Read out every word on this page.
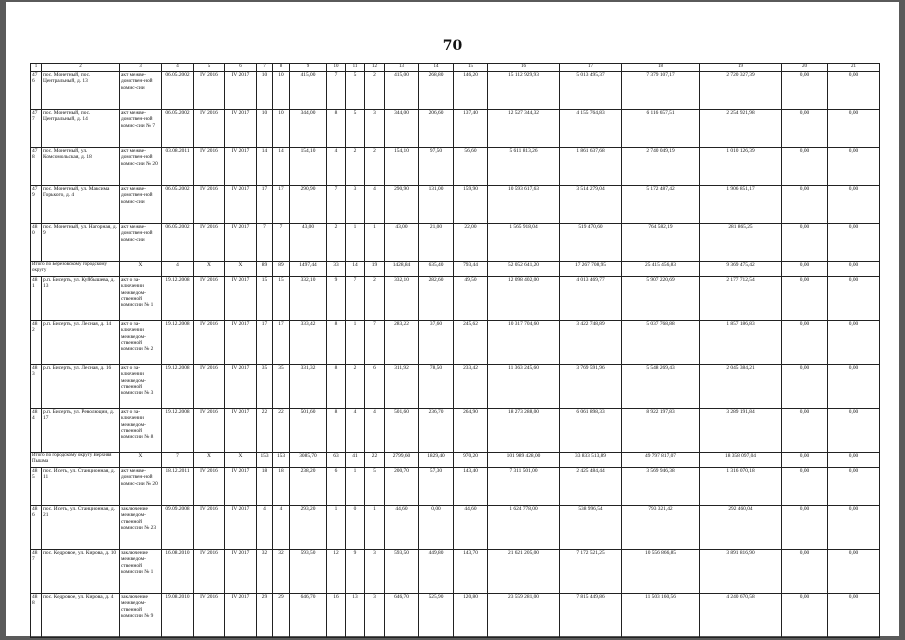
70
1	2	3	4	5	6	7	8	9	10	11	12	13	14	15	16	17	18	19	20	21
476	пос. Монетный, пос. Центральный, д. 13	акт межве-домствен-ной комис-сии	06.05.2002	IV 2016	IV 2017	10	10	415,00	7	5	2	415,00	268,80	146,20	15 112 929,93	5 013 495,37	7 379 107,17	2 720 327,39	0,00	0,00
477	пос. Монетный, пос. Центральный, д. 14	акт межве-домствен-ной комис-сии № 7	06.05.2002	IV 2016	IV 2017	10	10	344,00	8	5	3	344,00	206,60	137,40	12 527 344,32	4 155 764,83	6 116 657,51	2 254 921,98	0,00	0,00
478	пос. Монетный, ул. Комсомольская, д. 18	акт межве-домствен-ной комис-сии № 20	03.08.2011	IV 2016	IV 2017	14	14	154,10	4	2	2	154,10	97,50	56,60	5 611 813,26	1 861 637,68	2 740 049,19	1 010 126,39	0,00	0,00
479	пос. Монетный, ул. Максима Горького, д. 4	акт межве-домствен-ной комис-сии	06.05.2002	IV 2016	IV 2017	17	17	290,90	7	3	4	290,90	131,00	159,90	10 593 617,63	3 514 279,04	5 172 487,42	1 906 851,17	0,00	0,00
480	пос. Монетный, ул. Нагорная, д. 9	акт межве-домствен-ной комис-сии	06.05.2002	IV 2016	IV 2017	7	7	43,00	2	1	1	43,00	21,00	22,00	1 565 918,04	519 470,60	764 582,19	281 865,25	0,00	0,00
Итого по Березовскому городскому округу		X	4	X	X	89	89	1497,44	33	14	19	1428,84	635,40	793,44	52 052 641,20	17 267 708,95	25 415 456,83	9 369 475,42	0,00	0,00
481	р.п. Бисерть, ул. Куйбышева, д. 13	акт о за-ключении межведом-ственной комиссии № 1	19.12.2008	IV 2016	IV 2017	15	15	332,10	9	7	2	332,10	282,60	49,50	12 098 402,00	4 013 469,77	5 907 220,69	2 177 712,54	0,00	0,00
482	р.п. Бисерть, ул. Лесная, д. 14	акт о за-ключении межведом-ственной комиссии № 2	19.12.2008	IV 2016	IV 2017	17	17	333,42	8	1	7	283,22	37,60	245,62	10 317 704,60	3 422 748,89	5 037 768,88	1 857 186,83	0,00	0,00
483	р.п. Бисерть, ул. Лесная, д. 16	акт о за-ключении межведом-ственной комиссии № 3	19.12.2008	IV 2016	IV 2017	35	35	331,32	8	2	6	311,92	78,50	233,42	11 363 245,60	3 769 591,96	5 548 269,43	2 045 384,21	0,00	0,00
484	р.п. Бисерть, ул. Революции, д. 17	акт о за-ключении межведом-ственной комиссии № 8	19.12.2008	IV 2016	IV 2017	22	22	501,60	8	4	4	501,60	236,70	264,90	18 273 288,00	6 061 898,33	8 922 197,83	3 289 191,84	0,00	0,00
Итого по городскому округу Верхняя Пышма		X	7	X	X	153	153	3085,70	63	41	22	2799,60	1829,40	970,20	101 989 428,00	33 833 513,89	49 797 817,07	18 358 097,04	0,00	0,00
485	пос. Исеть, ул. Станционная, д. 11	акт межве-домствен-ной комис-сии № 20	18.12.2011	IV 2016	IV 2017	18	18	238,20	6	1	5	200,70	57,30	143,40	7 311 501,00	2 425 484,44	3 569 946,38	1 316 070,18	0,00	0,00
486	пос. Исеть, ул. Станционная, д. 21	заключение межведом-ственной комиссии № 23	09.09.2008	IV 2016	IV 2017	4	4	293,20	1	0	1	44,60	0,00	44,60	1 624 778,00	538 996,54	793 321,42	292 460,04	0,00	0,00
487	пос. Кедровое, ул. Кирова, д. 10	заключение межведом-ственной комиссии № 1	16.08.2010	IV 2016	IV 2017	32	32	593,50	12	9	3	593,50	449,80	143,70	21 621 205,00	7 172 521,25	10 556 866,85	3 891 816,90	0,00	0,00
488	пос. Кедровое, ул. Кирова, д. 4	заключение межведом-ственной комиссии № 9	19.08.2010	IV 2016	IV 2017	29	29	646,70	16	13	3	646,70	525,90	120,80	23 559 281,00	7 815 449,86	11 503 160,56	4 240 670,58	0,00	0,00
